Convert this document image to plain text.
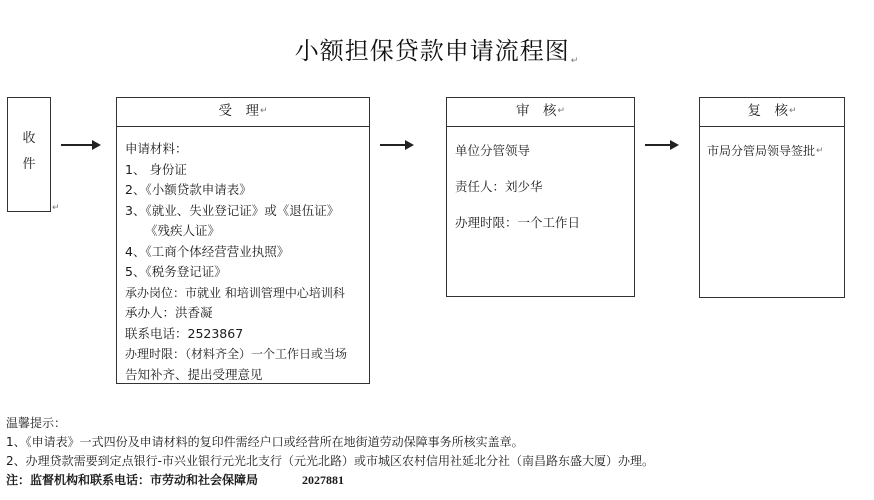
小额担保贷款申请流程图↵
收
件
↵
受　理↵
申请材料：
1、 身份证
2、《小额贷款申请表》
3、《就业、失业登记证》或《退伍证》
《残疾人证》
4、《工商个体经营营业执照》
5、《税务登记证》
承办岗位：市就业 和培训管理中心培训科
承办人：洪香凝
联系电话：2523867
办理时限：（材料齐全）一个工作日或当场
告知补齐、提出受理意见
审　核↵
单位分管领导
责任人：刘少华
办理时限：一个工作日
复　核↵
市局分管局领导签批↵
温馨提示：
1、《申请表》一式四份及申请材料的复印件需经户口或经营所在地街道劳动保障事务所核实盖章。
2、办理贷款需要到定点银行-市兴业银行元光北支行（元光北路）或市城区农村信用社延北分社（南昌路东盛大厦）办理。
注：监督机构和联系电话：市劳动和社会保障局	2027881
